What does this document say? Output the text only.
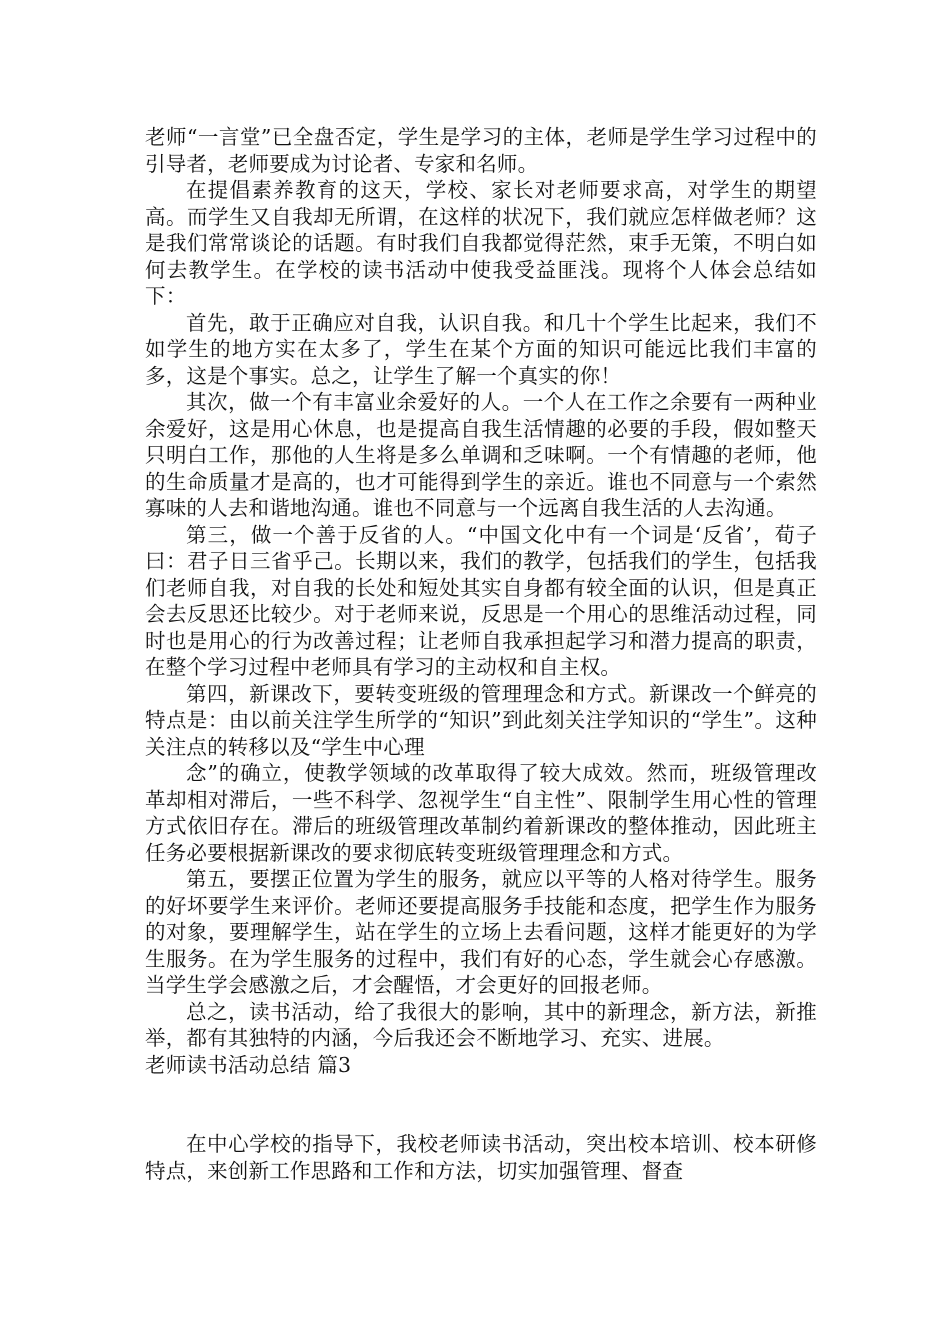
老师“一言堂”已全盘否定，学生是学习的主体，老师是学生学习过程中的引导者，老师要成为讨论者、专家和名师。

在提倡素养教育的这天，学校、家长对老师要求高，对学生的期望高。而学生又自我却无所谓，在这样的状况下，我们就应怎样做老师？这是我们常常谈论的话题。有时我们自我都觉得茫然，束手无策，不明白如何去教学生。在学校的读书活动中使我受益匪浅。现将个人体会总结如下：

首先，敢于正确应对自我，认识自我。和几十个学生比起来，我们不如学生的地方实在太多了，学生在某个方面的知识可能远比我们丰富的多，这是个事实。总之，让学生了解一个真实的你！

其次，做一个有丰富业余爱好的人。一个人在工作之余要有一两种业余爱好，这是用心休息，也是提高自我生活情趣的必要的手段，假如整天只明白工作，那他的人生将是多么单调和乏味啊。一个有情趣的老师，他的生命质量才是高的，也才可能得到学生的亲近。谁也不同意与一个索然寡味的人去和谐地沟通。谁也不同意与一个远离自我生活的人去沟通。

第三，做一个善于反省的人。“中国文化中有一个词是‘反省’，荀子曰：君子日三省乎己。长期以来，我们的教学，包括我们的学生，包括我们老师自我，对自我的长处和短处其实自身都有较全面的认识，但是真正会去反思还比较少。对于老师来说，反思是一个用心的思维活动过程，同时也是用心的行为改善过程；让老师自我承担起学习和潜力提高的职责，在整个学习过程中老师具有学习的主动权和自主权。

第四，新课改下，要转变班级的管理理念和方式。新课改一个鲜亮的特点是：由以前关注学生所学的“知识”到此刻关注学知识的“学生”。这种关注点的转移以及“学生中心理

念”的确立，使教学领域的改革取得了较大成效。然而，班级管理改革却相对滞后，一些不科学、忽视学生“自主性”、限制学生用心性的管理方式依旧存在。滞后的班级管理改革制约着新课改的整体推动，因此班主任务必要根据新课改的要求彻底转变班级管理理念和方式。

第五，要摆正位置为学生的服务，就应以平等的人格对待学生。服务的好坏要学生来评价。老师还要提高服务手技能和态度，把学生作为服务的对象，要理解学生，站在学生的立场上去看问题，这样才能更好的为学生服务。在为学生服务的过程中，我们有好的心态，学生就会心存感激。当学生学会感激之后，才会醒悟，才会更好的回报老师。

总之，读书活动，给了我很大的影响，其中的新理念，新方法，新推举，都有其独特的内涵，今后我还会不断地学习、充实、进展。

老师读书活动总结 篇3

在中心学校的指导下，我校老师读书活动，突出校本培训、校本研修特点，来创新工作思路和工作和方法，切实加强管理、督查
